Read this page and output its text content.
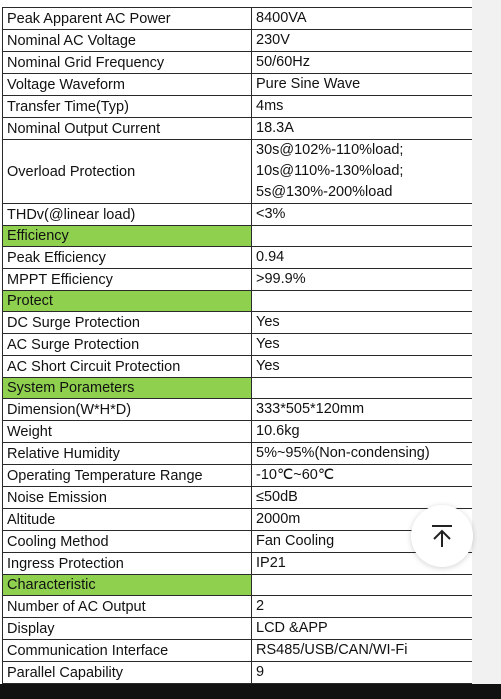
Peak Apparent AC Power	8400VA

Nominal AC Voltage	230V

Nominal Grid Frequency	50/60Hz

Voltage Waveform	Pure Sine Wave

Transfer Time(Typ)	4ms

Nominal Output Current	18.3A

Overload Protection	30s@102%-110%load;
10s@110%-130%load;
5s@130%-200%load

THDv(@linear load)	<3%

Efficiency	
Peak Efficiency	0.94

MPPT Efficiency	>99.9%

Protect	
DC Surge Protection	Yes

AC Surge Protection	Yes

AC Short Circuit Protection	Yes

System Porameters	
Dimension(W*H*D)	333*505*120mm

Weight	10.6kg

Relative Humidity	5%~95%(Non-condensing)

Operating Temperature Range	-10℃~60℃

Noise Emission	≤50dB

Altitude	2000m

Cooling Method	Fan Cooling

Ingress Protection	IP21

Characteristic	
Number of AC Output	2

Display	LCD &APP

Communication Interface	RS485/USB/CAN/WI-Fi

Parallel Capability	9
